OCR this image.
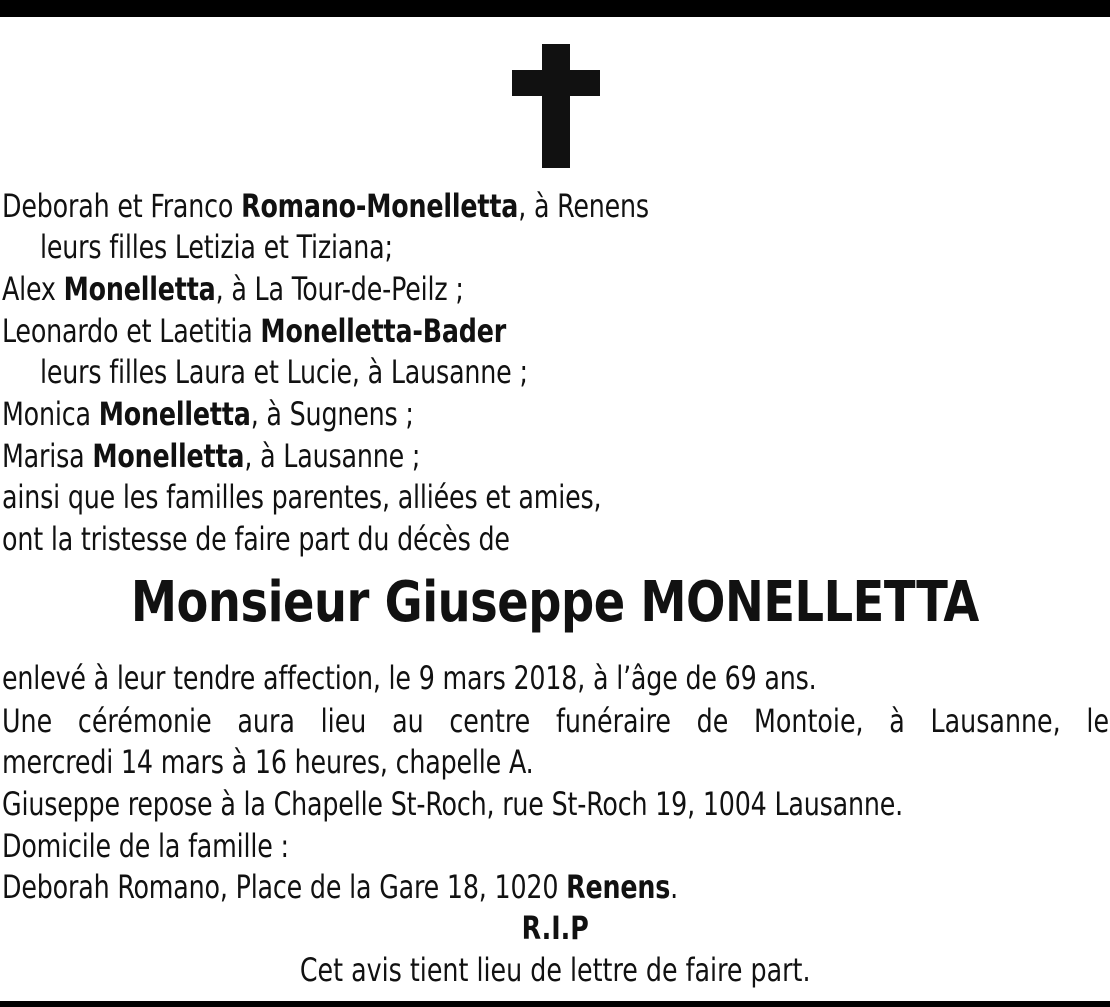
Deborah et Franco Romano-Monelletta, à Renens
leurs filles Letizia et Tiziana;
Alex Monelletta, à La Tour-de-Peilz ;
Leonardo et Laetitia Monelletta-Bader
leurs filles Laura et Lucie, à Lausanne ;
Monica Monelletta, à Sugnens ;
Marisa Monelletta, à Lausanne ;
ainsi que les familles parentes, alliées et amies,
ont la tristesse de faire part du décès de
Monsieur Giuseppe MONELLETTA
enlevé à leur tendre affection, le 9 mars 2018, à l’âge de 69 ans.
Une cérémonie aura lieu au centre funéraire de Montoie, à Lausanne, le
mercredi 14 mars à 16 heures, chapelle A.
Giuseppe repose à la Chapelle St-Roch, rue St-Roch 19, 1004 Lausanne.
Domicile de la famille :
Deborah Romano, Place de la Gare 18, 1020 Renens.
R.I.P
Cet avis tient lieu de lettre de faire part.
